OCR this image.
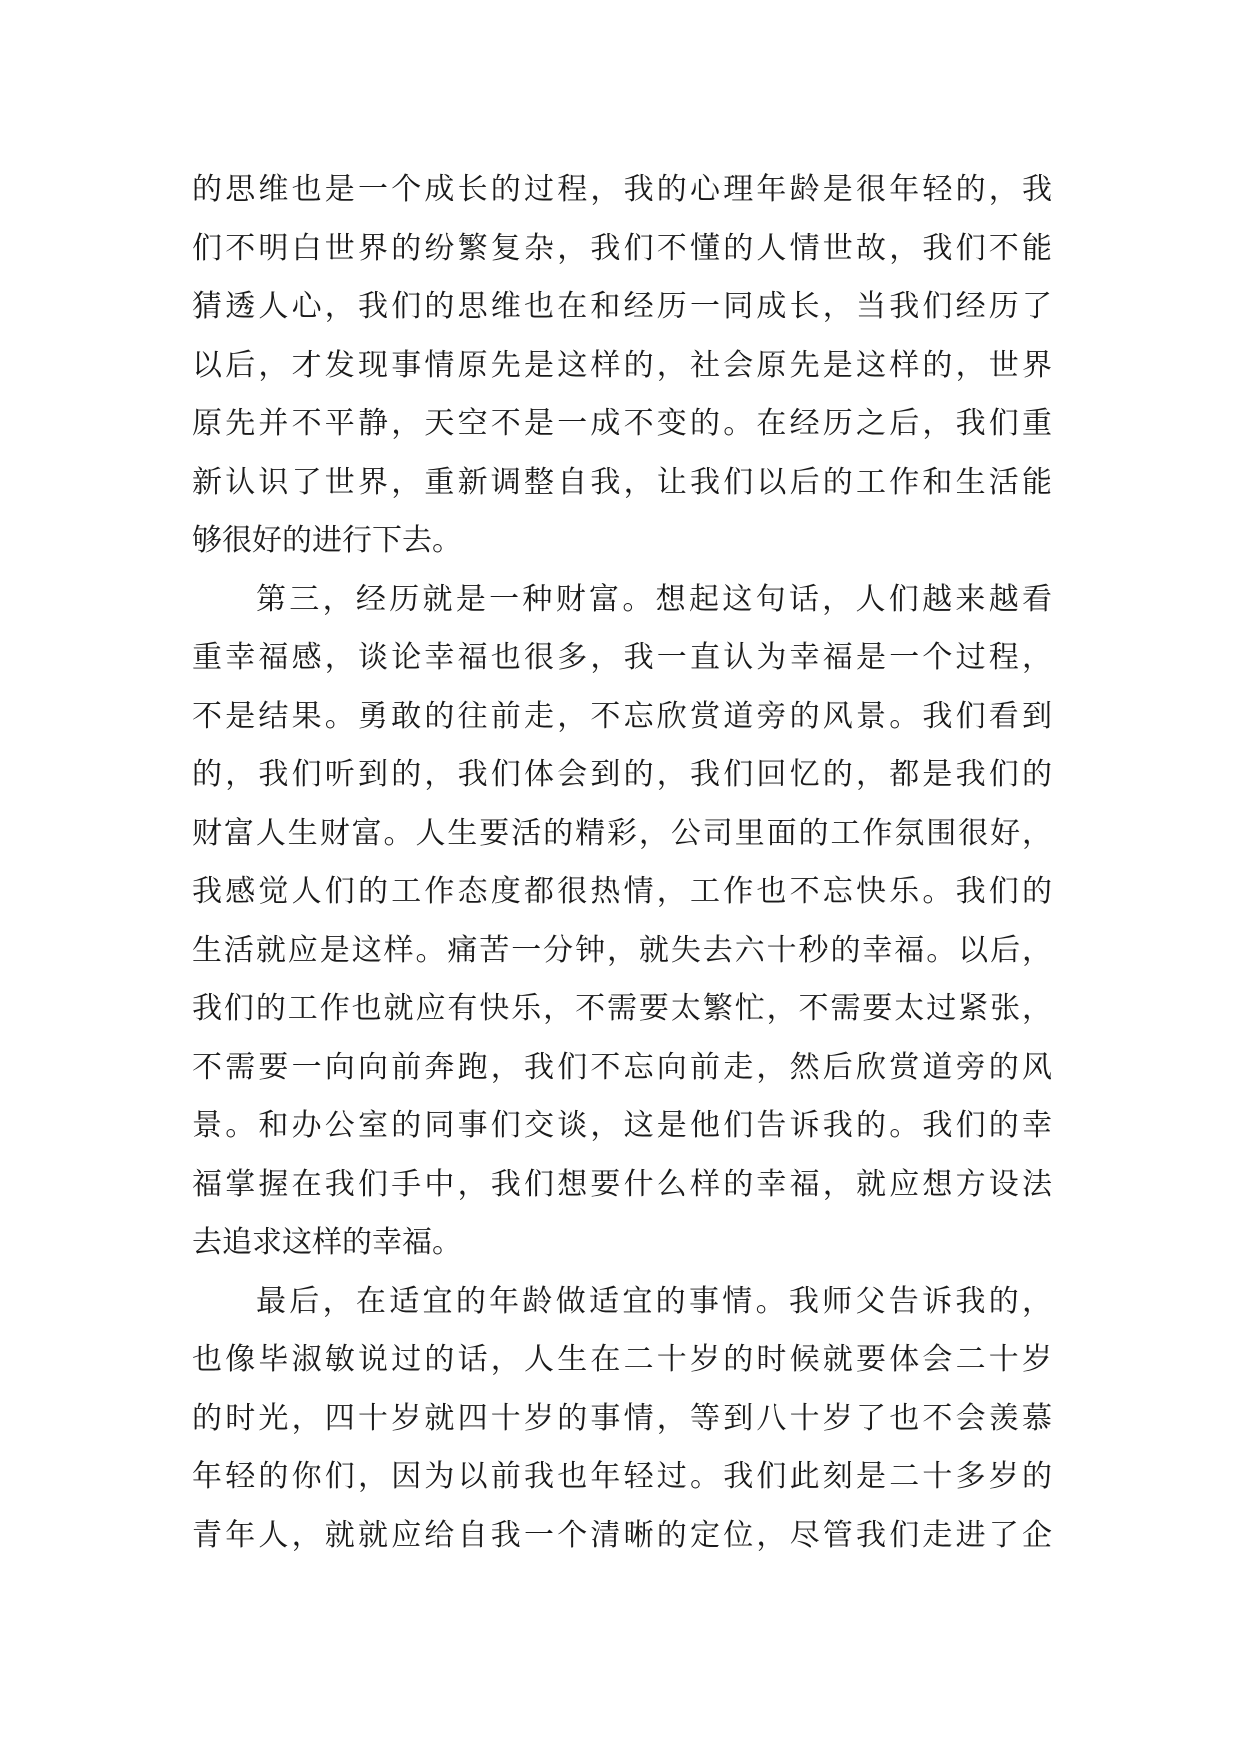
的思维也是一个成长的过程，我的心理年龄是很年轻的，我
们不明白世界的纷繁复杂，我们不懂的人情世故，我们不能
猜透人心，我们的思维也在和经历一同成长，当我们经历了
以后，才发现事情原先是这样的，社会原先是这样的，世界
原先并不平静，天空不是一成不变的。在经历之后，我们重
新认识了世界，重新调整自我，让我们以后的工作和生活能
够很好的进行下去。
第三，经历就是一种财富。想起这句话，人们越来越看
重幸福感，谈论幸福也很多，我一直认为幸福是一个过程，
不是结果。勇敢的往前走，不忘欣赏道旁的风景。我们看到
的，我们听到的，我们体会到的，我们回忆的，都是我们的
财富人生财富。人生要活的精彩，公司里面的工作氛围很好，
我感觉人们的工作态度都很热情，工作也不忘快乐。我们的
生活就应是这样。痛苦一分钟，就失去六十秒的幸福。以后，
我们的工作也就应有快乐，不需要太繁忙，不需要太过紧张，
不需要一向向前奔跑，我们不忘向前走，然后欣赏道旁的风
景。和办公室的同事们交谈，这是他们告诉我的。我们的幸
福掌握在我们手中，我们想要什么样的幸福，就应想方设法
去追求这样的幸福。
最后，在适宜的年龄做适宜的事情。我师父告诉我的，
也像毕淑敏说过的话，人生在二十岁的时候就要体会二十岁
的时光，四十岁就四十岁的事情，等到八十岁了也不会羡慕
年轻的你们，因为以前我也年轻过。我们此刻是二十多岁的
青年人，就就应给自我一个清晰的定位，尽管我们走进了企
